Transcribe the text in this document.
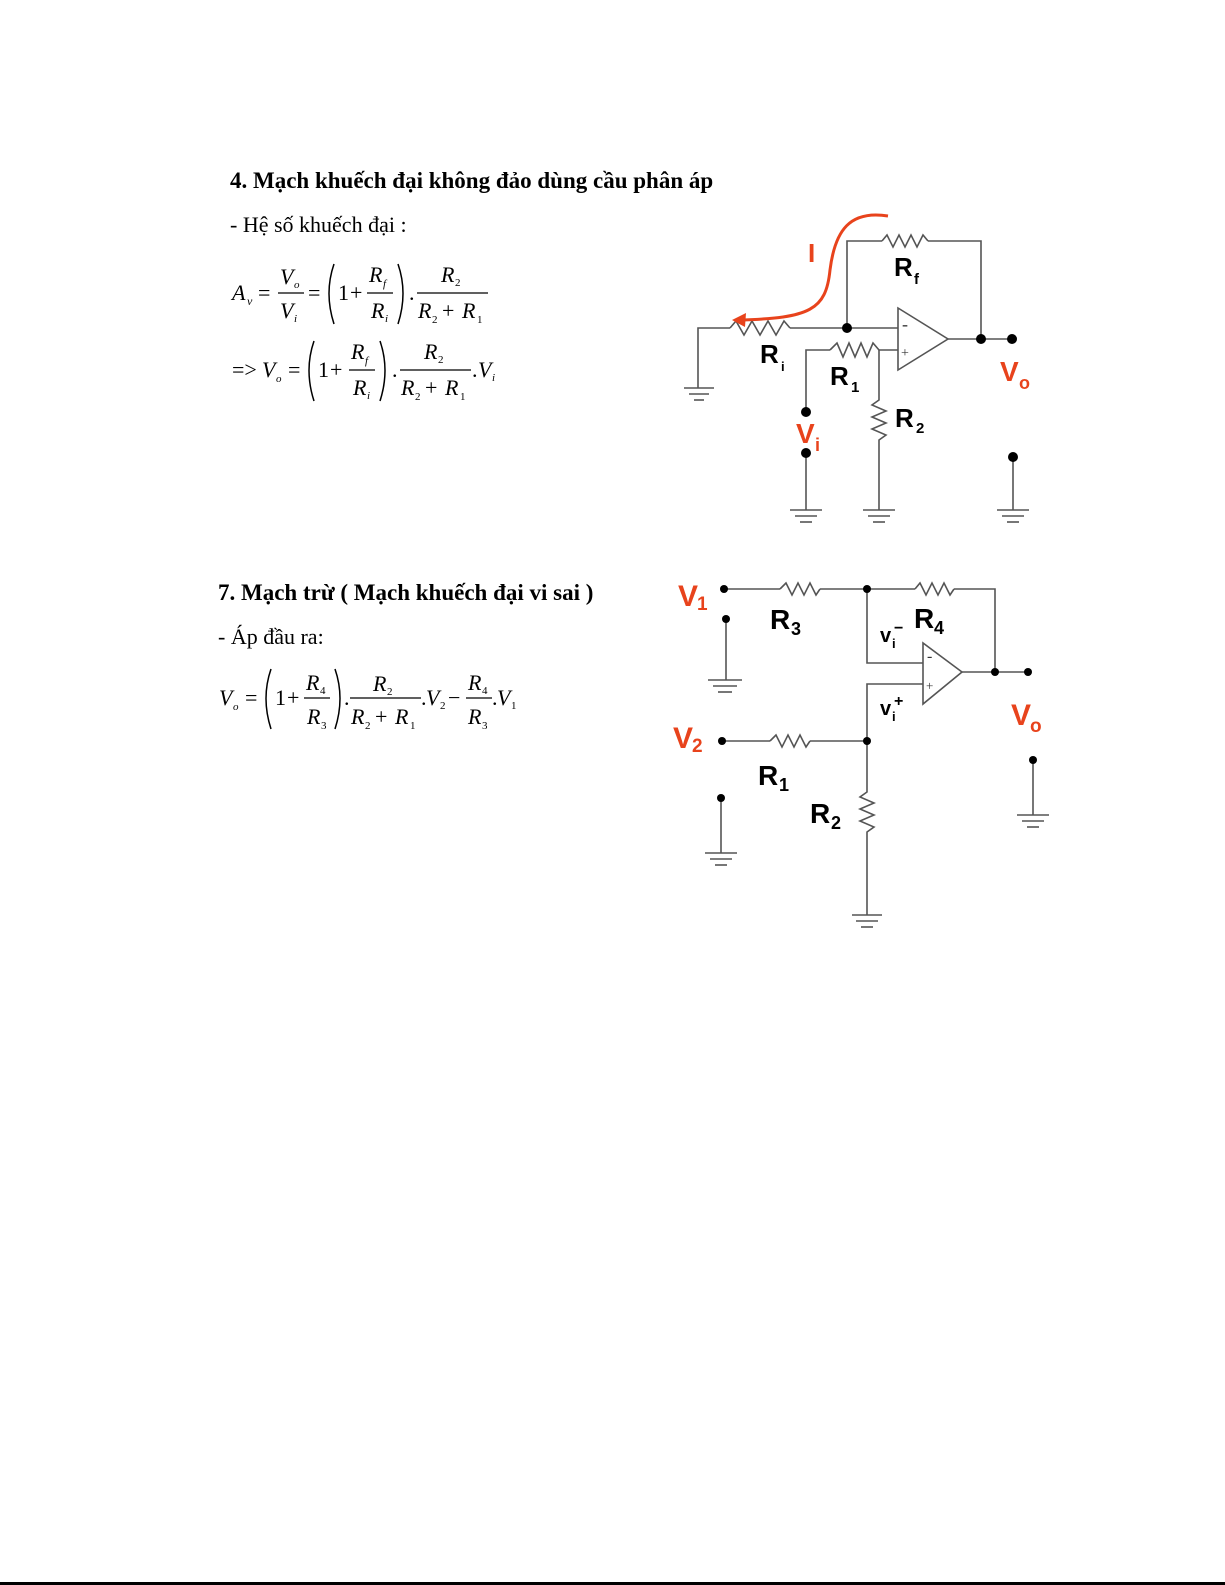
4. Mạch khuếch đại không đảo dùng cầu phân áp
- Hệ số khuếch đại :
A v =
V o
V i
= 1 +
R f
R i
.
R 2
R 2 + R 1
=> V o = 1 +
R f
R i
.
R 2
R 2 + R 1
. V i
I
-
+
R f
R i R 1
R 2
V o
V i
7. Mạch trừ ( Mạch khuếch đại vi sai )
- Áp đầu ra:
V o = 1 +
R 4
R 3
.
R 2
R 2 + R 1
. V 2 −
R 4
R 3
. V 1
-
+
V
1
V
2
R 3	R 4
v i
−
v i
+
R 1
R 2
V
o
